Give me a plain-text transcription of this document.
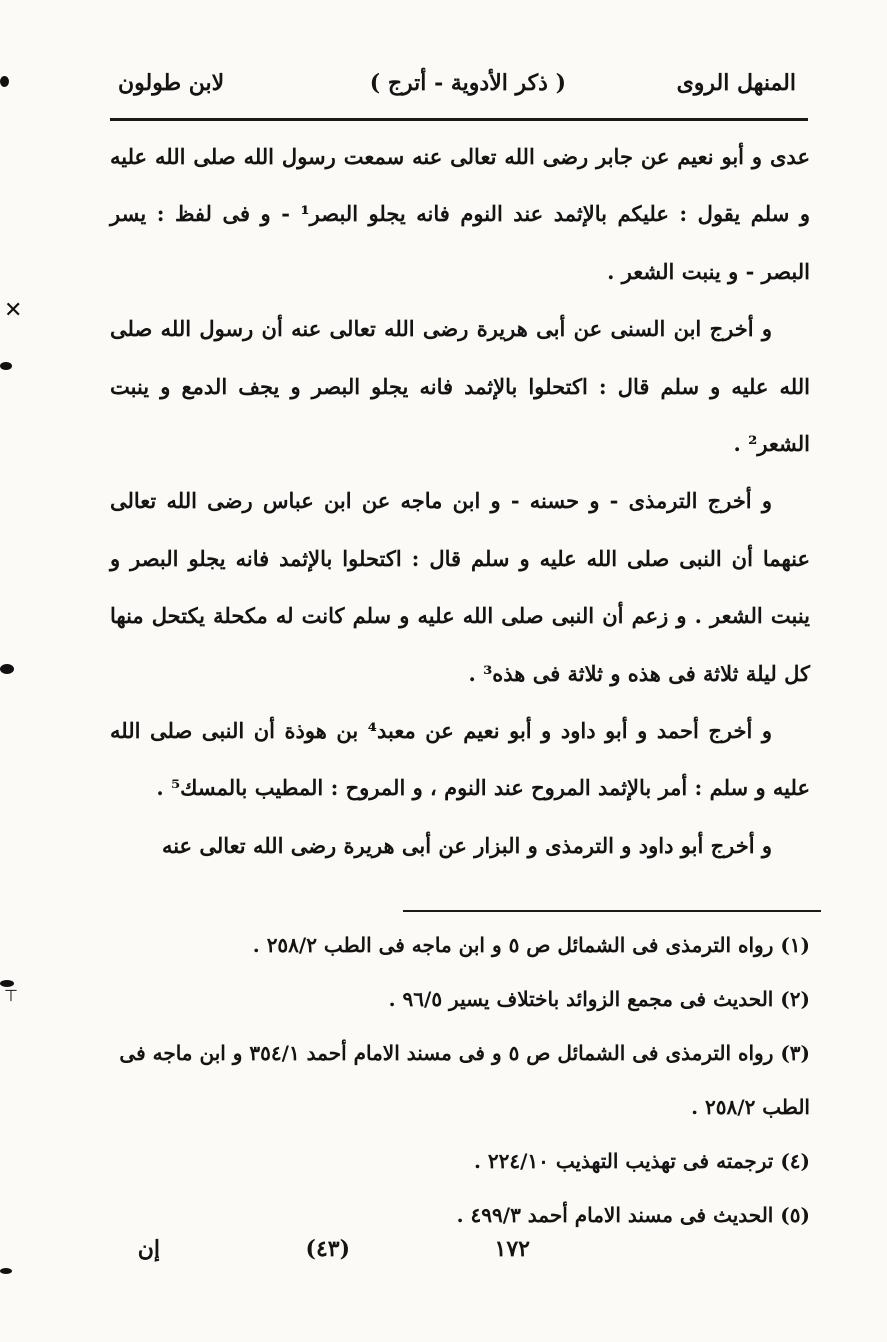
المنهل الروى
( ذكر الأدوية - أترج )
لابن طولون

عدى و أبو نعيم عن جابر رضى الله تعالى عنه سمعت رسول الله صلى الله عليه و سلم يقول : عليكم بالإثمد عند النوم فانه يجلو البصر¹ - و فى لفظ : يسر البصر - و ينبت الشعر .

و أخرج ابن السنى عن أبى هريرة رضى الله تعالى عنه أن رسول الله صلى الله عليه و سلم قال : اكتحلوا بالإثمد فانه يجلو البصر و يجف الدمع و ينبت الشعر² .

و أخرج الترمذى - و حسنه - و ابن ماجه عن ابن عباس رضى الله تعالى عنهما أن النبى صلى الله عليه و سلم قال : اكتحلوا بالإثمد فانه يجلو البصر و ينبت الشعر . و زعم أن النبى صلى الله عليه و سلم كانت له مكحلة يكتحل منها كل ليلة ثلاثة فى هذه و ثلاثة فى هذه³ .

و أخرج أحمد و أبو داود و أبو نعيم عن معبد⁴ بن هوذة أن النبى صلى الله عليه و سلم : أمر بالإثمد المروح عند النوم ، و المروح : المطيب بالمسك⁵ .

و أخرج أبو داود و الترمذى و البزار عن أبى هريرة رضى الله تعالى عنه

(١) رواه الترمذى فى الشمائل ص ٥ و ابن ماجه فى الطب ٢٥٨/٢ .

(٢) الحديث فى مجمع الزوائد باختلاف يسير ٩٦/٥ .

(٣) رواه الترمذى فى الشمائل ص ٥ و فى مسند الامام أحمد ٣٥٤/١ و ابن ماجه فى الطب ٢٥٨/٢ .

(٤) ترجمته فى تهذيب التهذيب ٢٢٤/١٠ .

(٥) الحديث فى مسند الامام أحمد ٤٩٩/٣ .

١٧٢
(٤٣)
إن
✕
⊤
